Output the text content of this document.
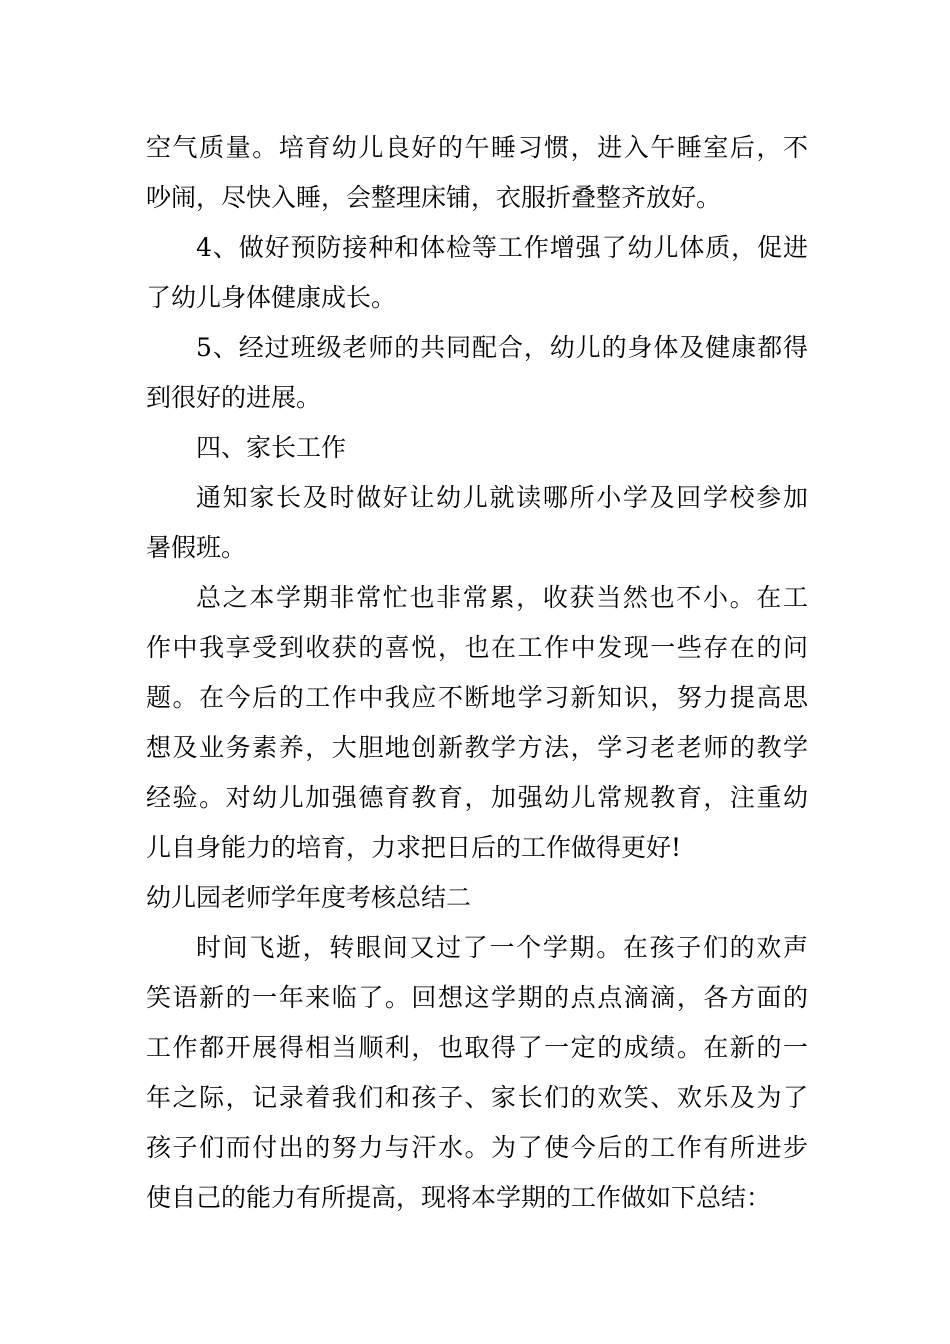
空气质量。培育幼儿良好的午睡习惯，进入午睡室后，不
吵闹，尽快入睡，会整理床铺，衣服折叠整齐放好。
4、做好预防接种和体检等工作增强了幼儿体质，促进
了幼儿身体健康成长。
5、经过班级老师的共同配合，幼儿的身体及健康都得
到很好的进展。
四、家长工作
通知家长及时做好让幼儿就读哪所小学及回学校参加
暑假班。
总之本学期非常忙也非常累，收获当然也不小。在工
作中我享受到收获的喜悦，也在工作中发现一些存在的问
题。在今后的工作中我应不断地学习新知识，努力提高思
想及业务素养，大胆地创新教学方法，学习老老师的教学
经验。对幼儿加强德育教育，加强幼儿常规教育，注重幼
儿自身能力的培育，力求把日后的工作做得更好!
幼儿园老师学年度考核总结二
时间飞逝，转眼间又过了一个学期。在孩子们的欢声
笑语新的一年来临了。回想这学期的点点滴滴，各方面的
工作都开展得相当顺利，也取得了一定的成绩。在新的一
年之际，记录着我们和孩子、家长们的欢笑、欢乐及为了
孩子们而付出的努力与汗水。为了使今后的工作有所进步
使自己的能力有所提高，现将本学期的工作做如下总结：
